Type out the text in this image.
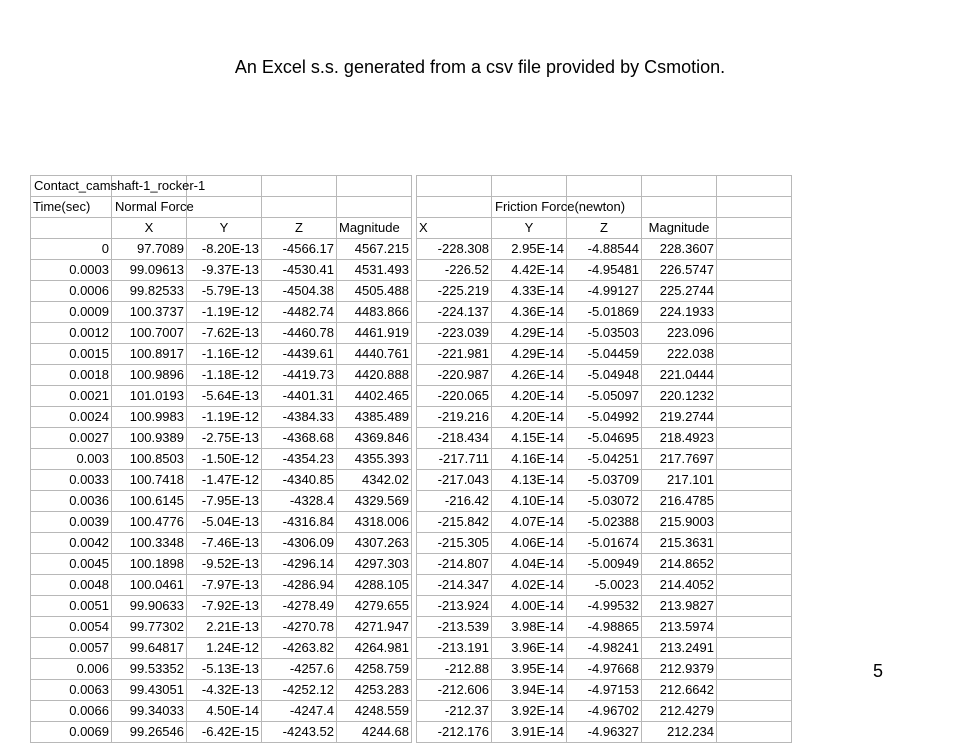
An Excel s.s. generated from a csv file provided by Csmotion.
Contact_camshaft-1_rocker-1										

Time(sec)	Normal Force						Friction Force(newton)			

	X	Y	Z	Magnitude		X	Y	Z	Magnitude	
0	97.7089	-8.20E-13	-4566.17	4567.215		-228.308	2.95E-14	-4.88544	228.3607	
0.0003	99.09613	-9.37E-13	-4530.41	4531.493		-226.52	4.42E-14	-4.95481	226.5747	
0.0006	99.82533	-5.79E-13	-4504.38	4505.488		-225.219	4.33E-14	-4.99127	225.2744	
0.0009	100.3737	-1.19E-12	-4482.74	4483.866		-224.137	4.36E-14	-5.01869	224.1933	
0.0012	100.7007	-7.62E-13	-4460.78	4461.919		-223.039	4.29E-14	-5.03503	223.096	
0.0015	100.8917	-1.16E-12	-4439.61	4440.761		-221.981	4.29E-14	-5.04459	222.038	
0.0018	100.9896	-1.18E-12	-4419.73	4420.888		-220.987	4.26E-14	-5.04948	221.0444	
0.0021	101.0193	-5.64E-13	-4401.31	4402.465		-220.065	4.20E-14	-5.05097	220.1232	
0.0024	100.9983	-1.19E-12	-4384.33	4385.489		-219.216	4.20E-14	-5.04992	219.2744	
0.0027	100.9389	-2.75E-13	-4368.68	4369.846		-218.434	4.15E-14	-5.04695	218.4923	
0.003	100.8503	-1.50E-12	-4354.23	4355.393		-217.711	4.16E-14	-5.04251	217.7697	
0.0033	100.7418	-1.47E-12	-4340.85	4342.02		-217.043	4.13E-14	-5.03709	217.101	
0.0036	100.6145	-7.95E-13	-4328.4	4329.569		-216.42	4.10E-14	-5.03072	216.4785	
0.0039	100.4776	-5.04E-13	-4316.84	4318.006		-215.842	4.07E-14	-5.02388	215.9003	
0.0042	100.3348	-7.46E-13	-4306.09	4307.263		-215.305	4.06E-14	-5.01674	215.3631	
0.0045	100.1898	-9.52E-13	-4296.14	4297.303		-214.807	4.04E-14	-5.00949	214.8652	
0.0048	100.0461	-7.97E-13	-4286.94	4288.105		-214.347	4.02E-14	-5.0023	214.4052	
0.0051	99.90633	-7.92E-13	-4278.49	4279.655		-213.924	4.00E-14	-4.99532	213.9827	
0.0054	99.77302	2.21E-13	-4270.78	4271.947		-213.539	3.98E-14	-4.98865	213.5974	
0.0057	99.64817	1.24E-12	-4263.82	4264.981		-213.191	3.96E-14	-4.98241	213.2491	
0.006	99.53352	-5.13E-13	-4257.6	4258.759		-212.88	3.95E-14	-4.97668	212.9379	
0.0063	99.43051	-4.32E-13	-4252.12	4253.283		-212.606	3.94E-14	-4.97153	212.6642	
0.0066	99.34033	4.50E-14	-4247.4	4248.559		-212.37	3.92E-14	-4.96702	212.4279	
0.0069	99.26546	-6.42E-15	-4243.52	4244.68		-212.176	3.91E-14	-4.96327	212.234	
5
